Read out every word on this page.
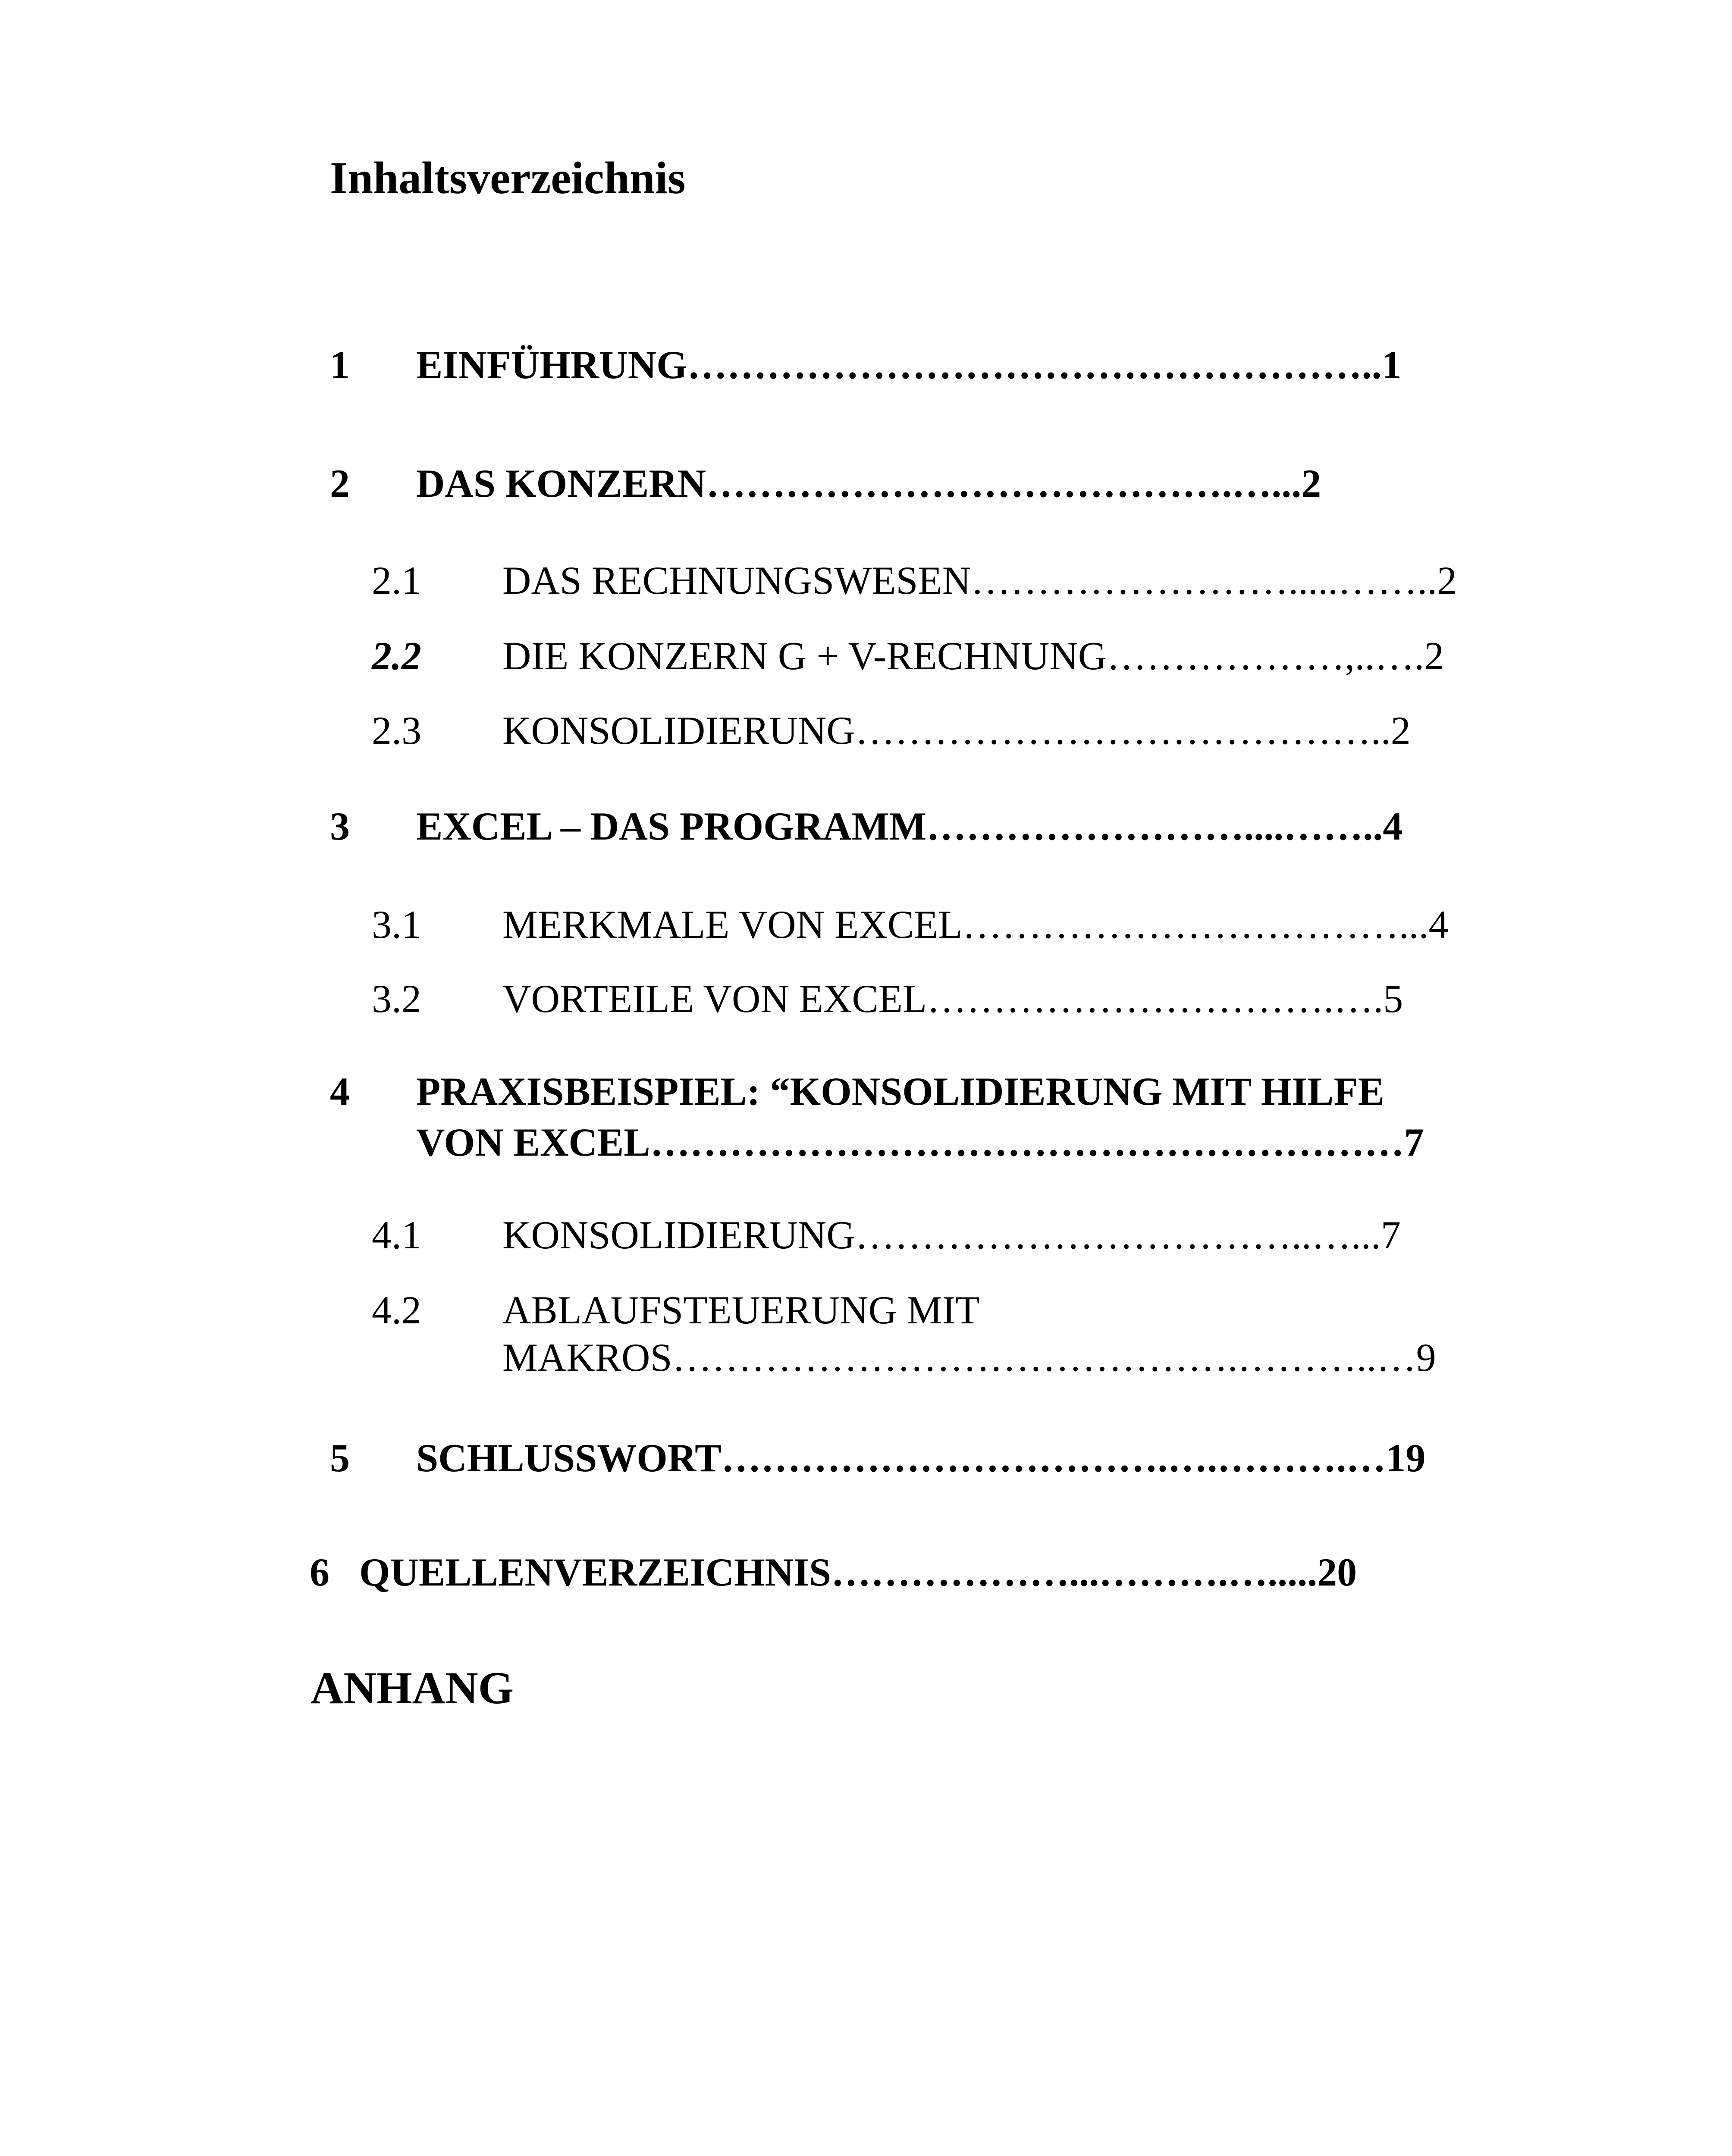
Inhaltsverzeichnis
1 EINFÜHRUNG……………………………………………..1
2 DAS KONZERN………………………………….…...2
2.1 DAS RECHNUNGSWESEN…………………….....……..2
2.2 DIE KONZERN G + V-RECHNUNG………………,..….2
2.3 KONSOLIDIERUNG…………………………………..2
3 EXCEL – DAS PROGRAMM……………………....……..4
3.1 MERKMALE VON EXCEL……………………………...4
3.2 VORTEILE VON EXCEL………………………….….5
4 PRAXISBEISPIEL: “KONSOLIDIERUNG MIT HILFE
VON EXCEL…………………………………………………7
4.1 KONSOLIDIERUNG……………………………..…...7
4.2 ABLAUFSTEUERUNG MIT
MAKROS…………………………………….………..…9
5 SCHLUSSWORT…………………………….….……….…19
6 QUELLENVERZEICHNIS………………...……….….....20
ANHANG
